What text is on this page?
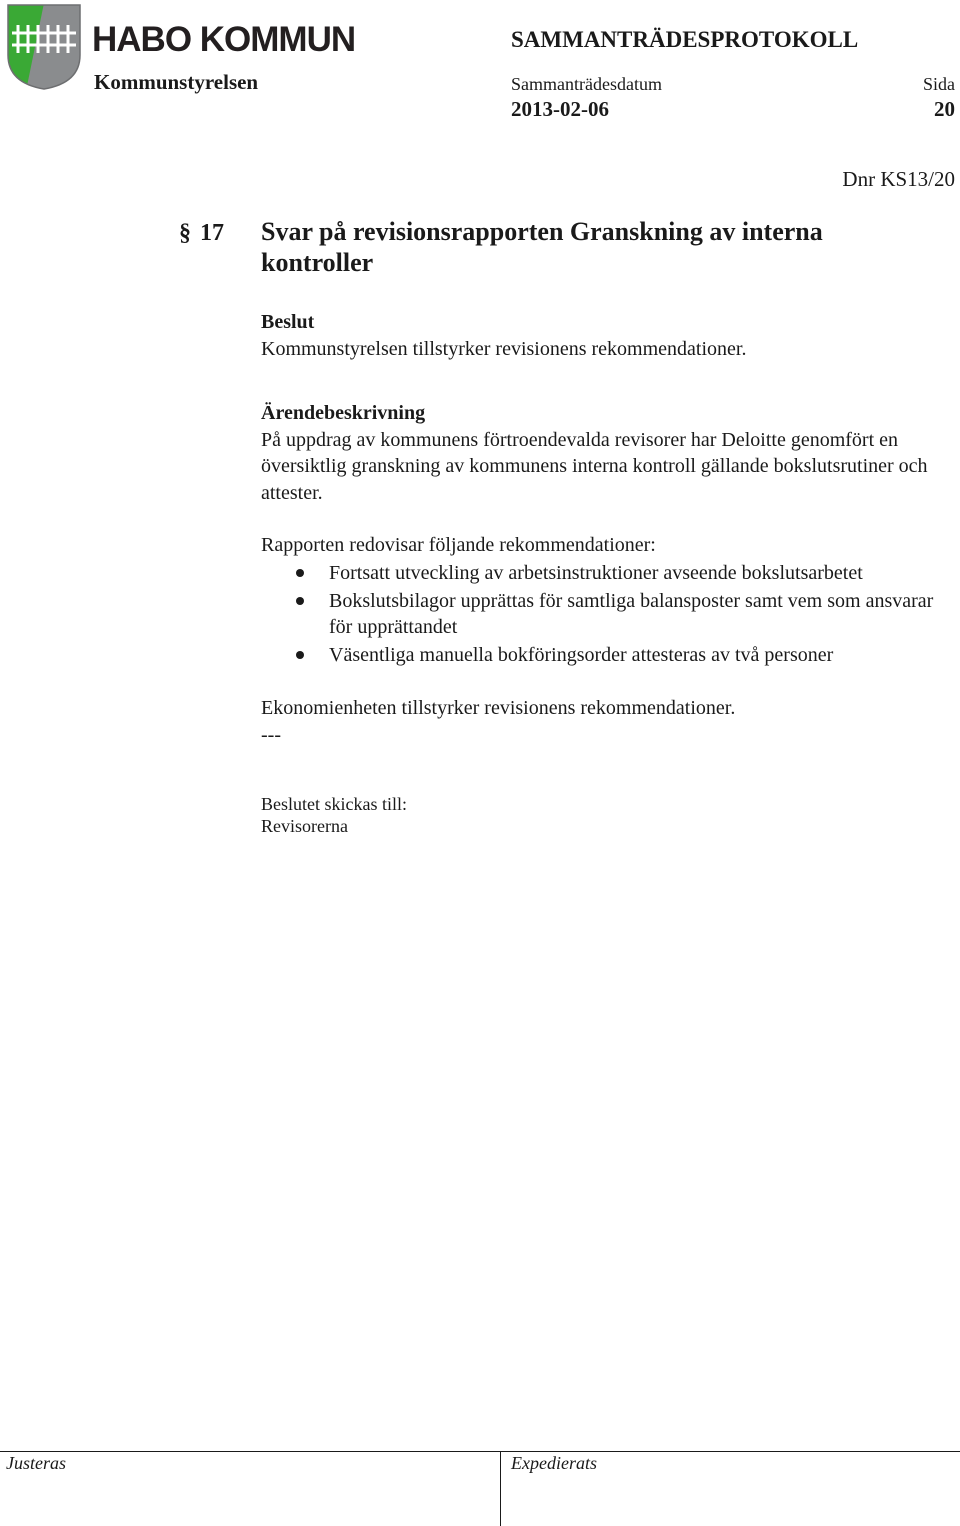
HABO KOMMUN
Kommunstyrelsen
SAMMANTRÄDESPROTOKOLL
Sammanträdesdatum	Sida
2013-02-06	20
Dnr KS13/20
§ 17 Svar på revisionsrapporten Granskning av interna kontroller
Beslut
Kommunstyrelsen tillstyrker revisionens rekommendationer.
Ärendebeskrivning
På uppdrag av kommunens förtroendevalda revisorer har Deloitte genomfört en översiktlig granskning av kommunens interna kontroll gällande bokslutsrutiner och attester.
Rapporten redovisar följande rekommendationer:
Fortsatt utveckling av arbetsinstruktioner avseende bokslutsarbetet
Bokslutsbilagor upprättas för samtliga balansposter samt vem som ansvarar för upprättandet
Väsentliga manuella bokföringsorder attesteras av två personer
Ekonomienheten tillstyrker revisionens rekommendationer.
---
Beslutet skickas till:
Revisorerna
Justeras	Expedierats
